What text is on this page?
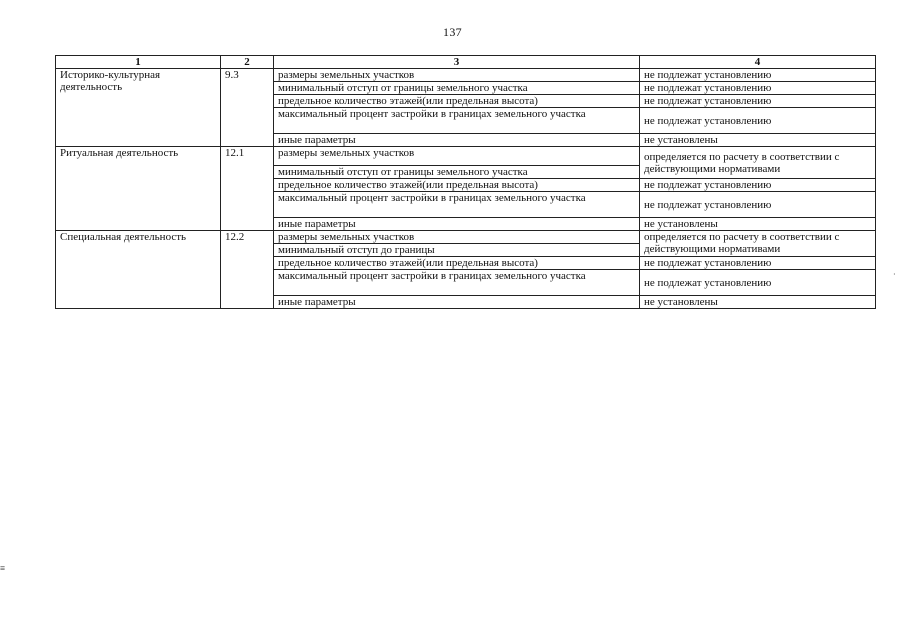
137
1	2	3	4
Историко-культурная деятельность	9.3	размеры земельных участков	не подлежат установлению
		минимальный отступ от границы земельного участка	не подлежат установлению
		предельное количество этажей(или предельная высота)	не подлежат установлению
		максимальный процент застройки в границах земельного участка	не подлежат установлению
		иные параметры	не установлены
Ритуальная деятельность	12.1	размеры земельных участков	определяется по расчету в соответствии с действующими нормативами
		минимальный отступ от границы земельного участка	
		предельное количество этажей(или предельная высота)	не подлежат установлению
		максимальный процент застройки в границах земельного участка	не подлежат установлению
		иные параметры	не установлены
Специальная деятельность	12.2	размеры земельных участков	определяется по расчету в соответствии с действующими нормативами
		минимальный отступ до границы	
		предельное количество этажей(или предельная высота)	не подлежат установлению
		максимальный процент застройки в границах земельного участка	не подлежат установлению
		иные параметры	не установлены
≡
·
